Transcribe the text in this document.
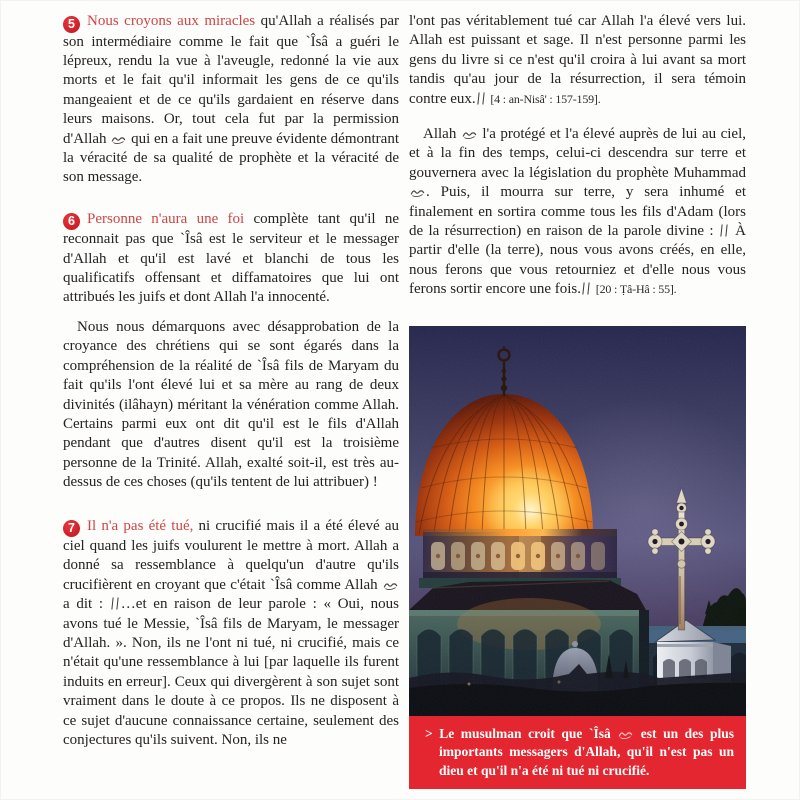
5 Nous croyons aux miracles qu'Allah a réalisés par son intermédiaire comme le fait que `Îsâ a guéri le lépreux, rendu la vue à l'aveugle, redonné la vie aux morts et le fait qu'il informait les gens de ce qu'ils mangeaient et de ce qu'ils gardaient en réserve dans leurs maisons. Or, tout cela fut par la permission d'Allah  qui en a fait une preuve évidente démontrant la véracité de sa qualité de prophète et la véracité de son message.

6 Personne n'aura une foi complète tant qu'il ne reconnait pas que `Îsâ est le serviteur et le messager d'Allah et qu'il est lavé et blanchi de tous les qualificatifs offensant et diffamatoires que lui ont attribués les juifs et dont Allah l'a innocenté.

Nous nous démarquons avec désapprobation de la croyance des chrétiens qui se sont égarés dans la compréhension de la réalité de `Îsâ fils de Maryam du fait qu'ils l'ont élevé lui et sa mère au rang de deux divinités (ilâhayn) méritant la vénération comme Allah. Certains parmi eux ont dit qu'il est le fils d'Allah pendant que d'autres disent qu'il est la troisième personne de la Trinité. Allah, exalté soit-il, est très au-dessus de ces choses (qu'ils tentent de lui attribuer) !

7 Il n'a pas été tué, ni crucifié mais il a été élevé au ciel quand les juifs voulurent le mettre à mort. Allah a donné sa ressemblance à quelqu'un d'autre qu'ils crucifièrent en croyant que c'était `Îsâ comme Allah  a dit : …et en raison de leur parole : « Oui, nous avons tué le Messie, `Îsâ fils de Maryam, le messager d'Allah. ». Non, ils ne l'ont ni tué, ni crucifié, mais ce n'était qu'une ressemblance à lui [par laquelle ils furent induits en erreur]. Ceux qui divergèrent à son sujet sont vraiment dans le doute à ce propos. Ils ne disposent à ce sujet d'aucune connaissance certaine, seulement des conjectures qu'ils suivent. Non, ils ne

l'ont pas véritablement tué car Allah l'a élevé vers lui. Allah est puissant et sage. Il n'est personne parmi les gens du livre si ce n'est qu'il croira à lui avant sa mort tandis qu'au jour de la résurrection, il sera témoin contre eux. [4 : an-Nisâ' : 157-159].

Allah  l'a protégé et l'a élevé auprès de lui au ciel, et à la fin des temps, celui-ci descendra sur terre et gouvernera avec la législation du prophète Muhammad . Puis, il mourra sur terre, y sera inhumé et finalement en sortira comme tous les fils d'Adam (lors de la résurrection) en raison de la parole divine :  À partir d'elle (la terre), nous vous avons créés, en elle, nous ferons que vous retourniez et d'elle nous vous ferons sortir encore une fois. [20 : Ṭâ-Hâ : 55].

> Le musulman croit que `Îsâ  est un des plus importants messagers d'Allah, qu'il n'est pas un dieu et qu'il n'a été ni tué ni crucifié.
